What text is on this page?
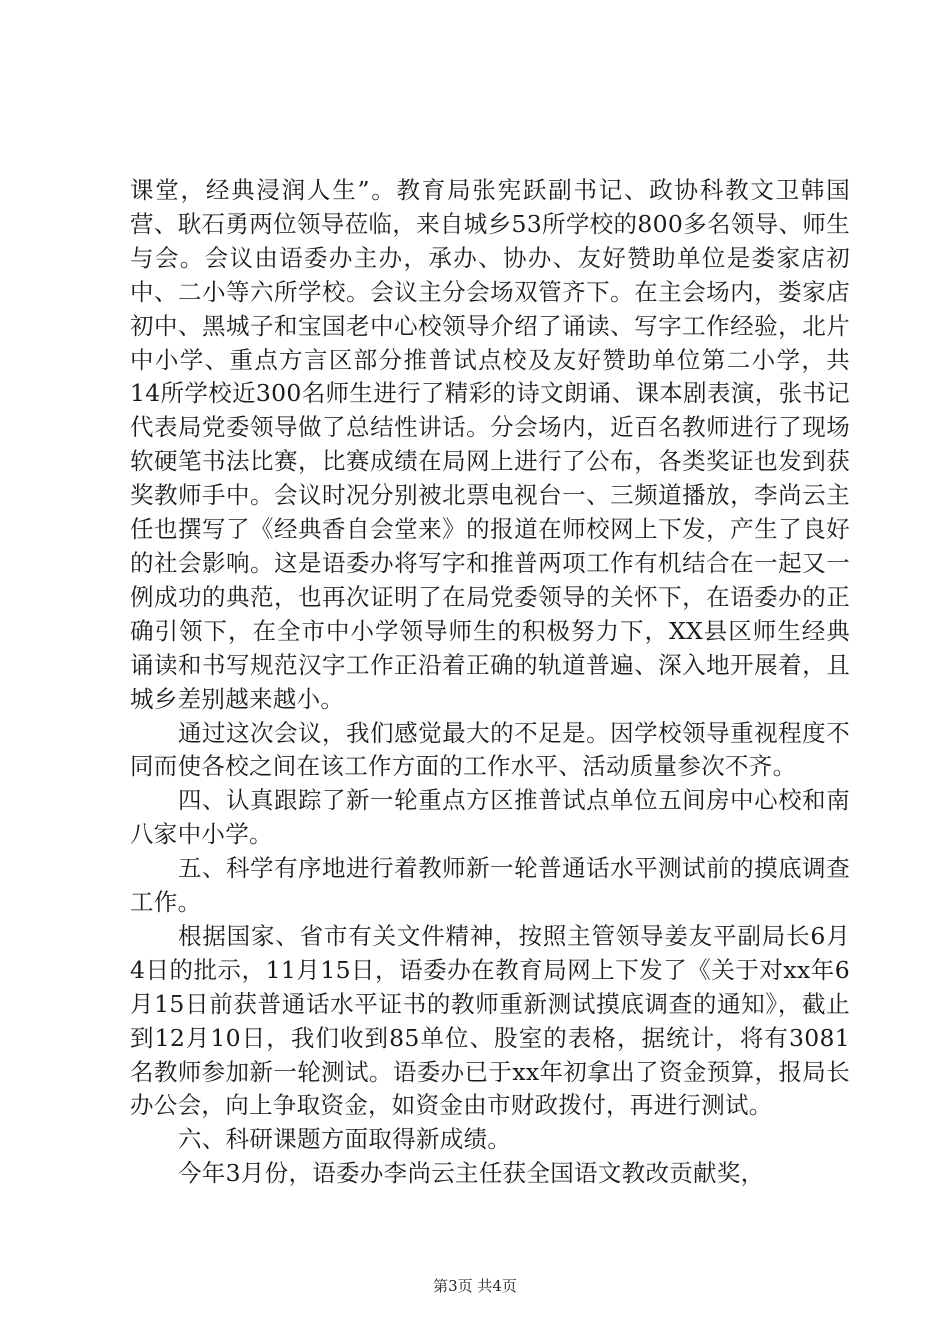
课堂，经典浸润人生”。教育局张宪跃副书记、政协科教文卫韩国营、耿石勇两位领导莅临，来自城乡53所学校的800多名领导、师生与会。会议由语委办主办，承办、协办、友好赞助单位是娄家店初中、二小等六所学校。会议主分会场双管齐下。在主会场内，娄家店初中、黑城子和宝国老中心校领导介绍了诵读、写字工作经验，北片中小学、重点方言区部分推普试点校及友好赞助单位第二小学，共14所学校近300名师生进行了精彩的诗文朗诵、课本剧表演，张书记代表局党委领导做了总结性讲话。分会场内，近百名教师进行了现场软硬笔书法比赛，比赛成绩在局网上进行了公布，各类奖证也发到获奖教师手中。会议时况分别被北票电视台一、三频道播放，李尚云主任也撰写了《经典香自会堂来》的报道在师校网上下发，产生了良好的社会影响。这是语委办将写字和推普两项工作有机结合在一起又一例成功的典范，也再次证明了在局党委领导的关怀下，在语委办的正确引领下，在全市中小学领导师生的积极努力下，XX县区师生经典诵读和书写规范汉字工作正沿着正确的轨道普遍、深入地开展着，且城乡差别越来越小。

通过这次会议，我们感觉最大的不足是。因学校领导重视程度不同而使各校之间在该工作方面的工作水平、活动质量参次不齐。

四、认真跟踪了新一轮重点方区推普试点单位五间房中心校和南八家中小学。

五、科学有序地进行着教师新一轮普通话水平测试前的摸底调查工作。

根据国家、省市有关文件精神，按照主管领导姜友平副局长6月4日的批示，11月15日，语委办在教育局网上下发了《关于对xx年6月15日前获普通话水平证书的教师重新测试摸底调查的通知》，截止到12月10日，我们收到85单位、股室的表格，据统计，将有3081名教师参加新一轮测试。语委办已于xx年初拿出了资金预算，报局长办公会，向上争取资金，如资金由市财政拨付，再进行测试。

六、科研课题方面取得新成绩。

今年3月份，语委办李尚云主任获全国语文教改贡献奖，

第3页 共4页
